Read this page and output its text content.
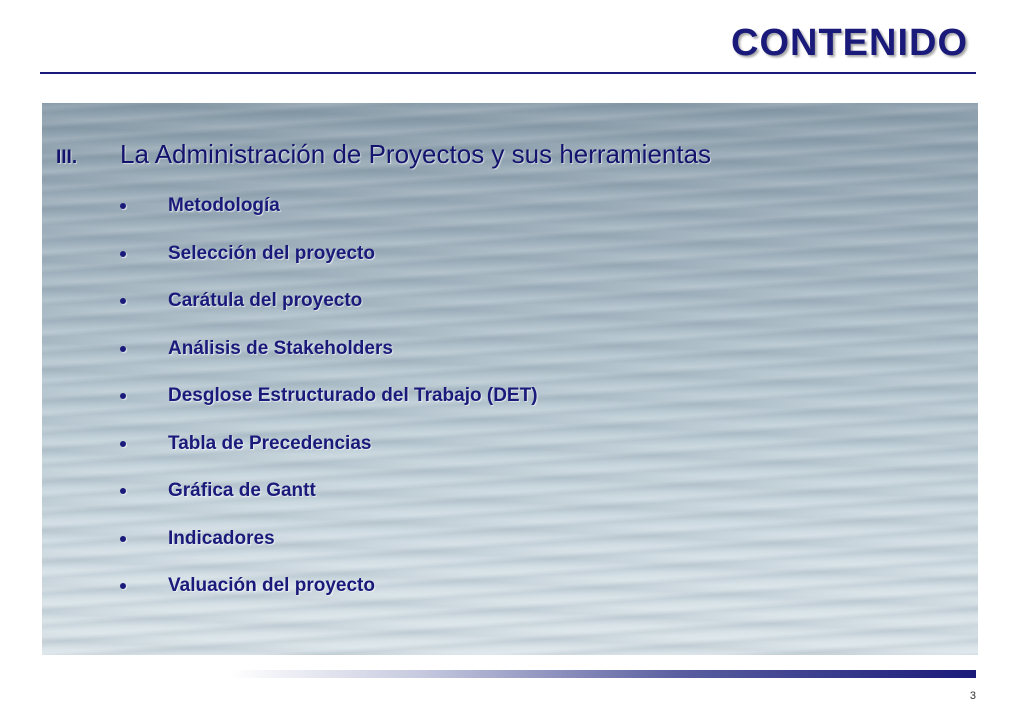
CONTENIDO
III. La Administración de Proyectos y sus herramientas
Metodología
Selección del proyecto
Carátula del proyecto
Análisis de Stakeholders
Desglose Estructurado del Trabajo (DET)
Tabla de Precedencias
Gráfica de Gantt
Indicadores
Valuación del proyecto
3
